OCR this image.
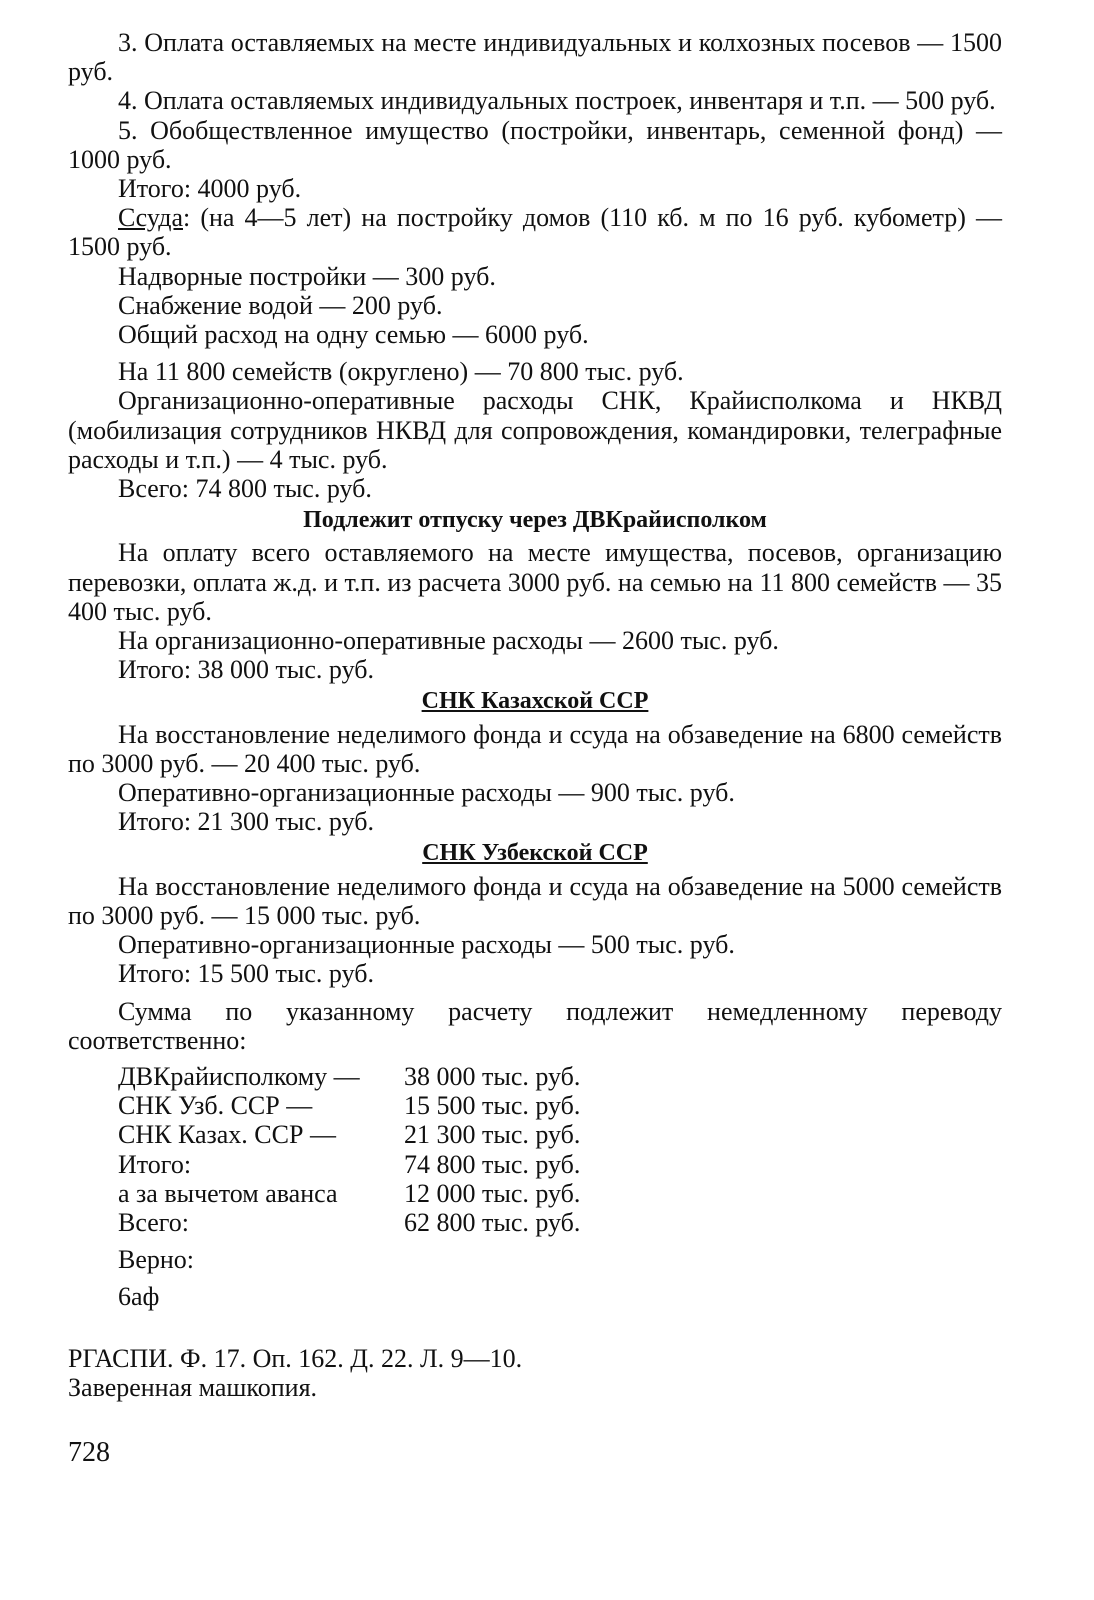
3. Оплата оставляемых на месте индивидуальных и колхозных посевов — 1500 руб.

4. Оплата оставляемых индивидуальных построек, инвентаря и т.п. — 500 руб.

5. Обобществленное имущество (постройки, инвентарь, семенной фонд) — 1000 руб.

Итого: 4000 руб.

Ссуда: (на 4—5 лет) на постройку домов (110 кб. м по 16 руб. кубометр) — 1500 руб.

Надворные постройки — 300 руб.

Снабжение водой — 200 руб.

Общий расход на одну семью — 6000 руб.

На 11 800 семейств (округлено) — 70 800 тыс. руб.

Организационно-оперативные расходы СНК, Крайисполкома и НКВД (мобилизация сотрудников НКВД для сопровождения, командировки, телеграфные расходы и т.п.) — 4 тыс. руб.

Всего: 74 800 тыс. руб.

Подлежит отпуску через ДВКрайисполком

На оплату всего оставляемого на месте имущества, посевов, организацию перевозки, оплата ж.д. и т.п. из расчета 3000 руб. на семью на 11 800 семейств — 35 400 тыс. руб.

На организационно-оперативные расходы — 2600 тыс. руб.

Итого: 38 000 тыс. руб.

СНК Казахской ССР

На восстановление неделимого фонда и ссуда на обзаведение на 6800 семейств по 3000 руб. — 20 400 тыс. руб.

Оперативно-организационные расходы — 900 тыс. руб.

Итого: 21 300 тыс. руб.

СНК Узбекской ССР

На восстановление неделимого фонда и ссуда на обзаведение на 5000 семейств по 3000 руб. — 15 000 тыс. руб.

Оперативно-организационные расходы — 500 тыс. руб.

Итого: 15 500 тыс. руб.

Сумма по указанному расчету подлежит немедленному переводу соответственно:

ДВКрайисполкому —	38 000 тыс. руб.
СНК Узб. ССР —	15 500 тыс. руб.
СНК Казах. ССР —	21 300 тыс. руб.
Итого:	74 800 тыс. руб.
а за вычетом аванса	12 000 тыс. руб.
Всего:	62 800 тыс. руб.

Верно:

6аф

РГАСПИ. Ф. 17. Оп. 162. Д. 22. Л. 9—10.

Заверенная машкопия.

728
